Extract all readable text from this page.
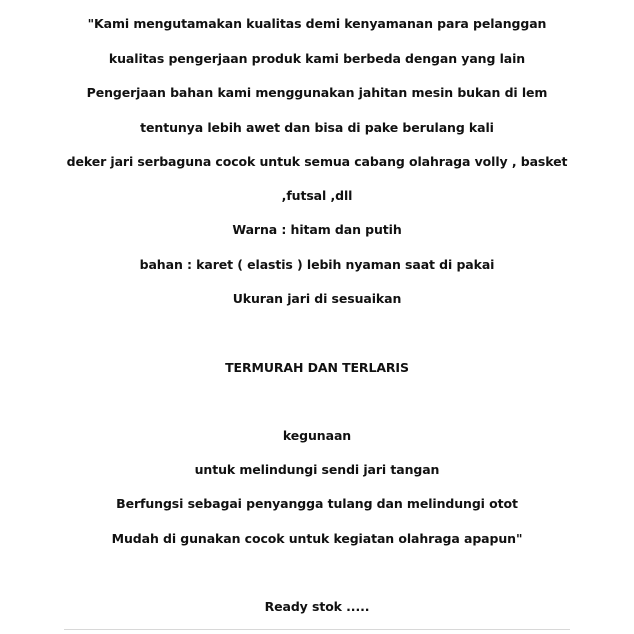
"Kami mengutamakan kualitas demi kenyamanan para pelanggan
kualitas pengerjaan produk kami berbeda dengan yang lain
Pengerjaan bahan kami menggunakan jahitan mesin bukan di lem
tentunya lebih awet dan bisa di pake berulang kali
deker jari serbaguna cocok untuk semua cabang olahraga volly , basket
,futsal ,dll
Warna : hitam dan putih
bahan : karet ( elastis ) lebih nyaman saat di pakai
Ukuran jari di sesuaikan
TERMURAH DAN TERLARIS
kegunaan
untuk melindungi sendi jari tangan
Berfungsi sebagai penyangga tulang dan melindungi otot
Mudah di gunakan cocok untuk kegiatan olahraga apapun"
Ready stok .....
